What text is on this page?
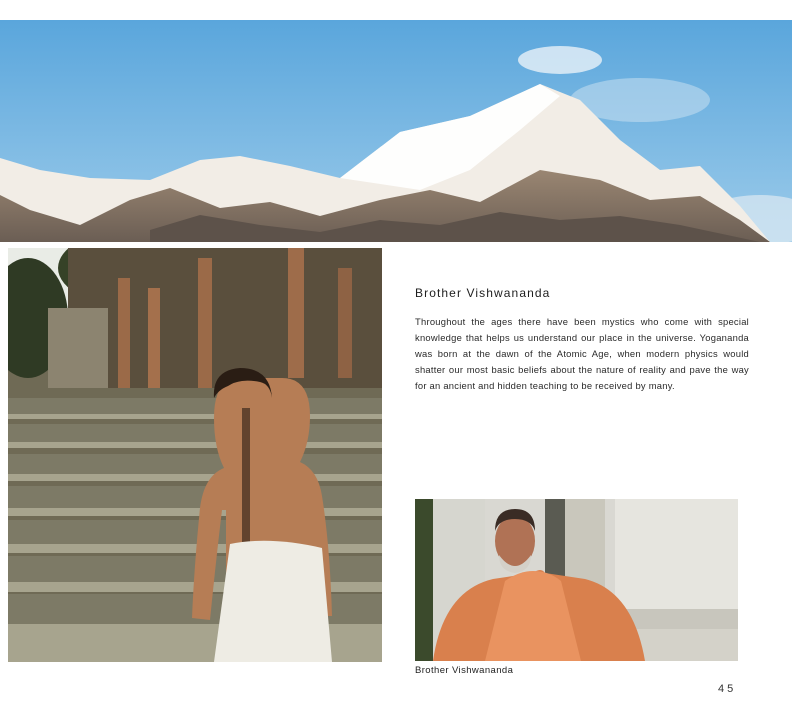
Brother Vishwananda
Throughout the ages there have been mystics who come with special knowledge that helps us understand our place in the universe. Yogananda was born at the dawn of the Atomic Age, when modern physics would shatter our most basic beliefs about the nature of reality and pave the way for an ancient and hidden teaching to be received by many.
Brother Vishwananda
45
